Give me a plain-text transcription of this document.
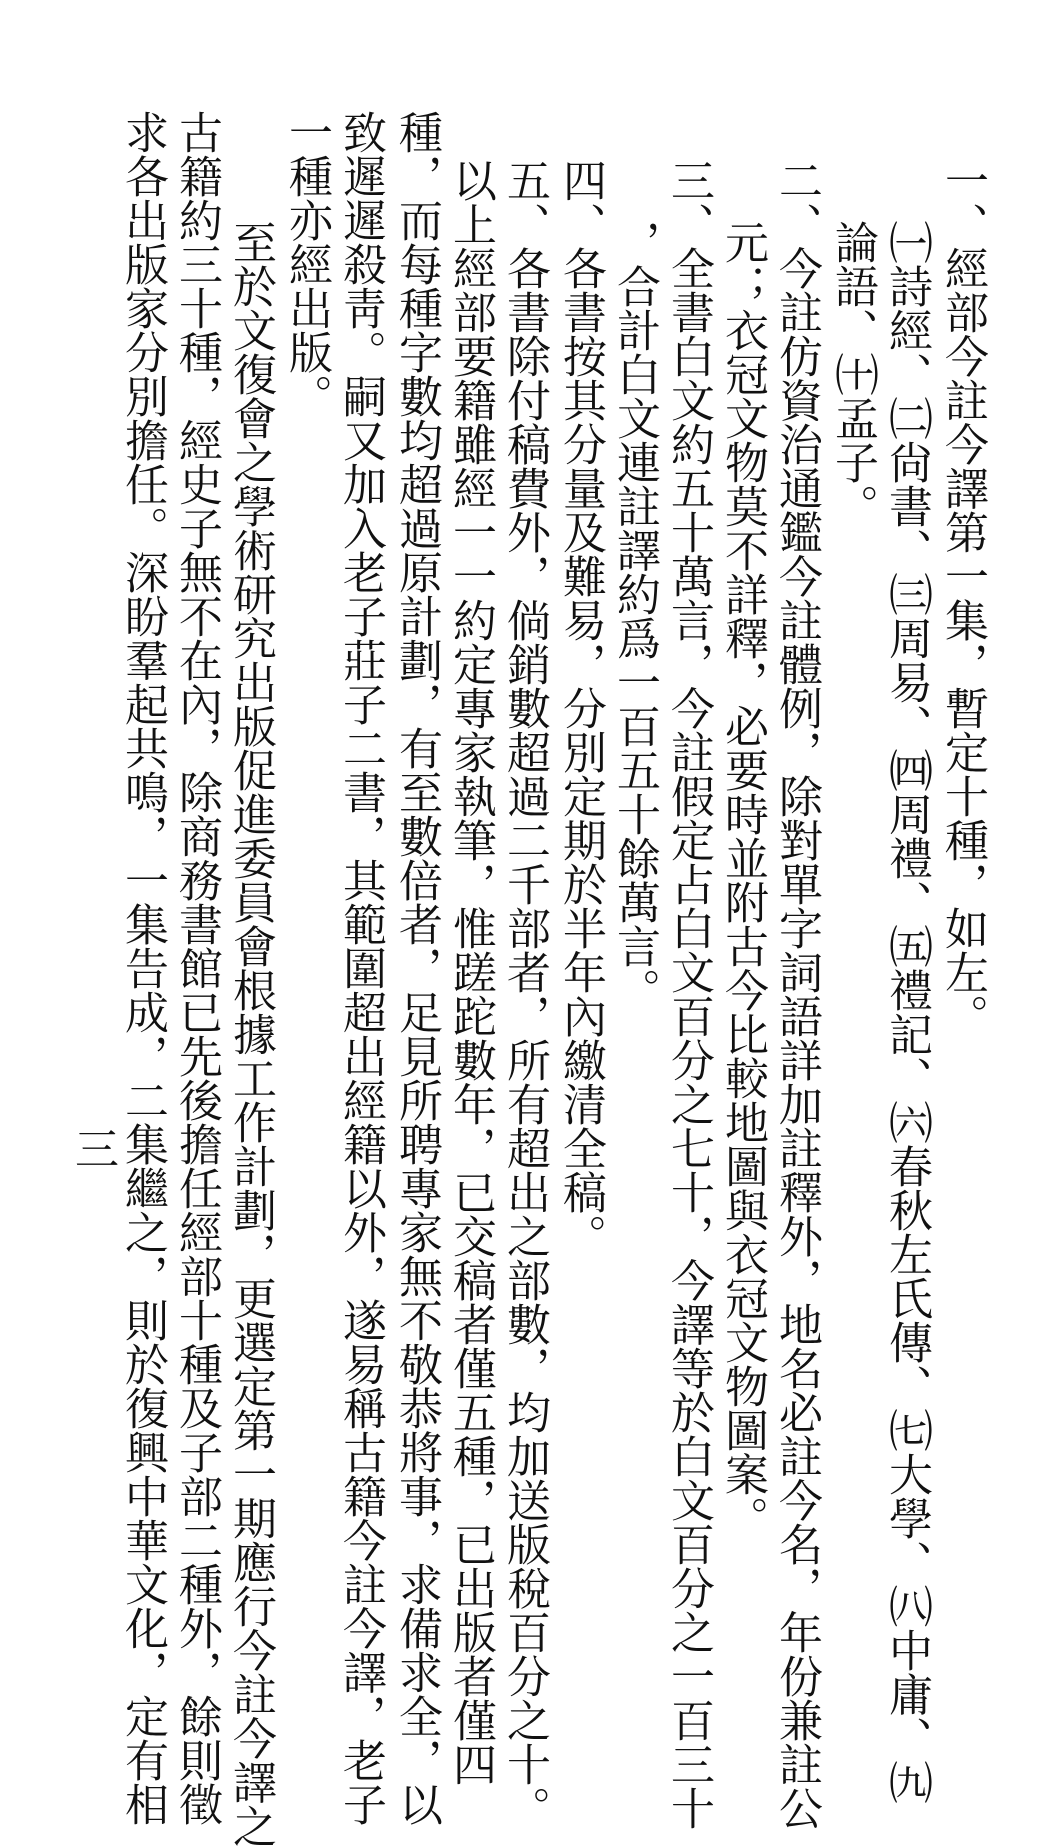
一、經部今註今譯第一集，暫定十種，如左。
㈠詩經、㈡尙書、㈢周易、㈣周禮、㈤禮記、㈥春秋左氏傳、㈦大學、㈧中庸、㈨
論語、㈩孟子。
二、今註仿資治通鑑今註體例，除對單字詞語詳加註釋外，地名必註今名，年份兼註公
元；衣冠文物莫不詳釋，必要時並附古今比較地圖與衣冠文物圖案。
三、全書白文約五十萬言，今註假定占白文百分之七十，今譯等於白文百分之一百三十
，合計白文連註譯約爲一百五十餘萬言。
四、各書按其分量及難易，分別定期於半年內繳清全稿。
五、各書除付稿費外，倘銷數超過二千部者，所有超出之部數，均加送版稅百分之十。
以上經部要籍雖經一一約定專家執筆，惟蹉跎數年，已交稿者僅五種，已出版者僅四
種，而每種字數均超過原計劃，有至數倍者，足見所聘專家無不敬恭將事，求備求全，以
致遲遲殺靑。嗣又加入老子莊子二書，其範圍超出經籍以外，遂易稱古籍今註今譯，老子
一種亦經出版。
至於文復會之學術研究出版促進委員會根據工作計劃，更選定第一期應行今註今譯之
古籍約三十種，經史子無不在內，除商務書館已先後擔任經部十種及子部二種外，餘則徵
求各出版家分別擔任。深盼羣起共鳴，一集告成，二集繼之，則於復興中華文化，定有相
三
